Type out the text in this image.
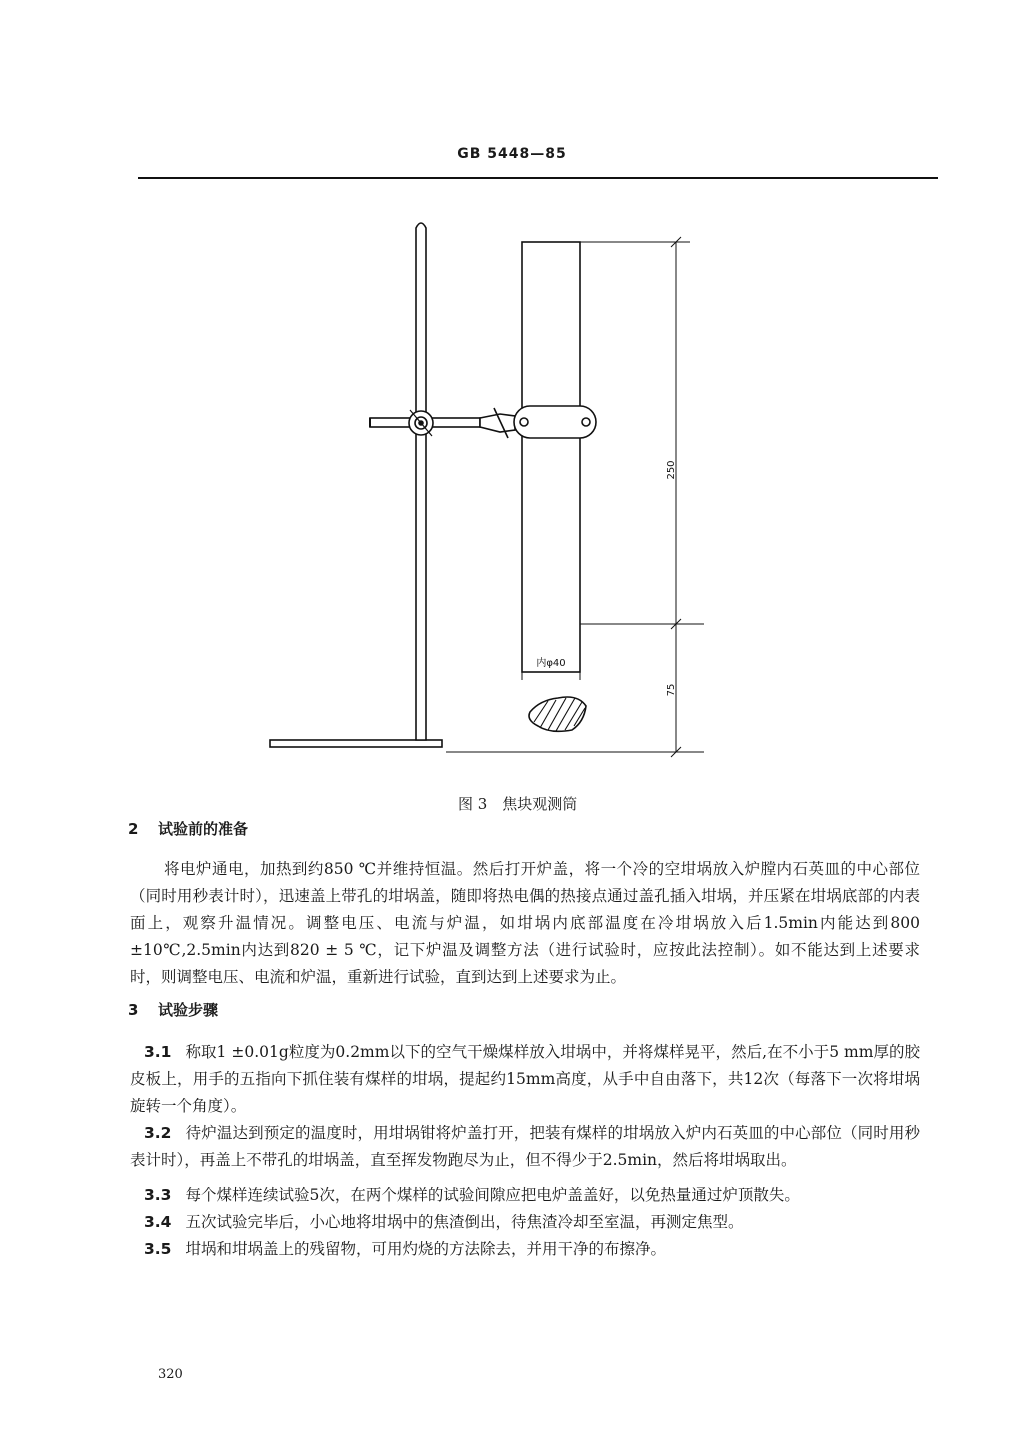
GB 5448—85
250
75
内φ40
图 3　焦块观测筒
2 试验前的准备
将电炉通电，加热到约850 ℃并维持恒温。然后打开炉盖，将一个冷的空坩埚放入炉膛内石英皿的中心部位（同时用秒表计时），迅速盖上带孔的坩埚盖，随即将热电偶的热接点通过盖孔插入坩埚，并压紧在坩埚底部的内表面上，观察升温情况。调整电压、电流与炉温，如坩埚内底部温度在冷坩埚放入后1.5min内能达到800 ±10℃,2.5min内达到820 ± 5 ℃，记下炉温及调整方法（进行试验时，应按此法控制）。如不能达到上述要求时，则调整电压、电流和炉温，重新进行试验，直到达到上述要求为止。
3 试验步骤
3.1 称取1 ±0.01g粒度为0.2mm以下的空气干燥煤样放入坩埚中，并将煤样晃平，然后,在不小于5 mm厚的胶皮板上，用手的五指向下抓住装有煤样的坩埚，提起约15mm高度，从手中自由落下，共12次（每落下一次将坩埚旋转一个角度）。
3.2 待炉温达到预定的温度时，用坩埚钳将炉盖打开，把装有煤样的坩埚放入炉内石英皿的中心部位（同时用秒表计时），再盖上不带孔的坩埚盖，直至挥发物跑尽为止，但不得少于2.5min，然后将坩埚取出。
3.3 每个煤样连续试验5次，在两个煤样的试验间隙应把电炉盖盖好，以免热量通过炉顶散失。
3.4 五次试验完毕后，小心地将坩埚中的焦渣倒出，待焦渣冷却至室温，再测定焦型。
3.5 坩埚和坩埚盖上的残留物，可用灼烧的方法除去，并用干净的布擦净。
320
